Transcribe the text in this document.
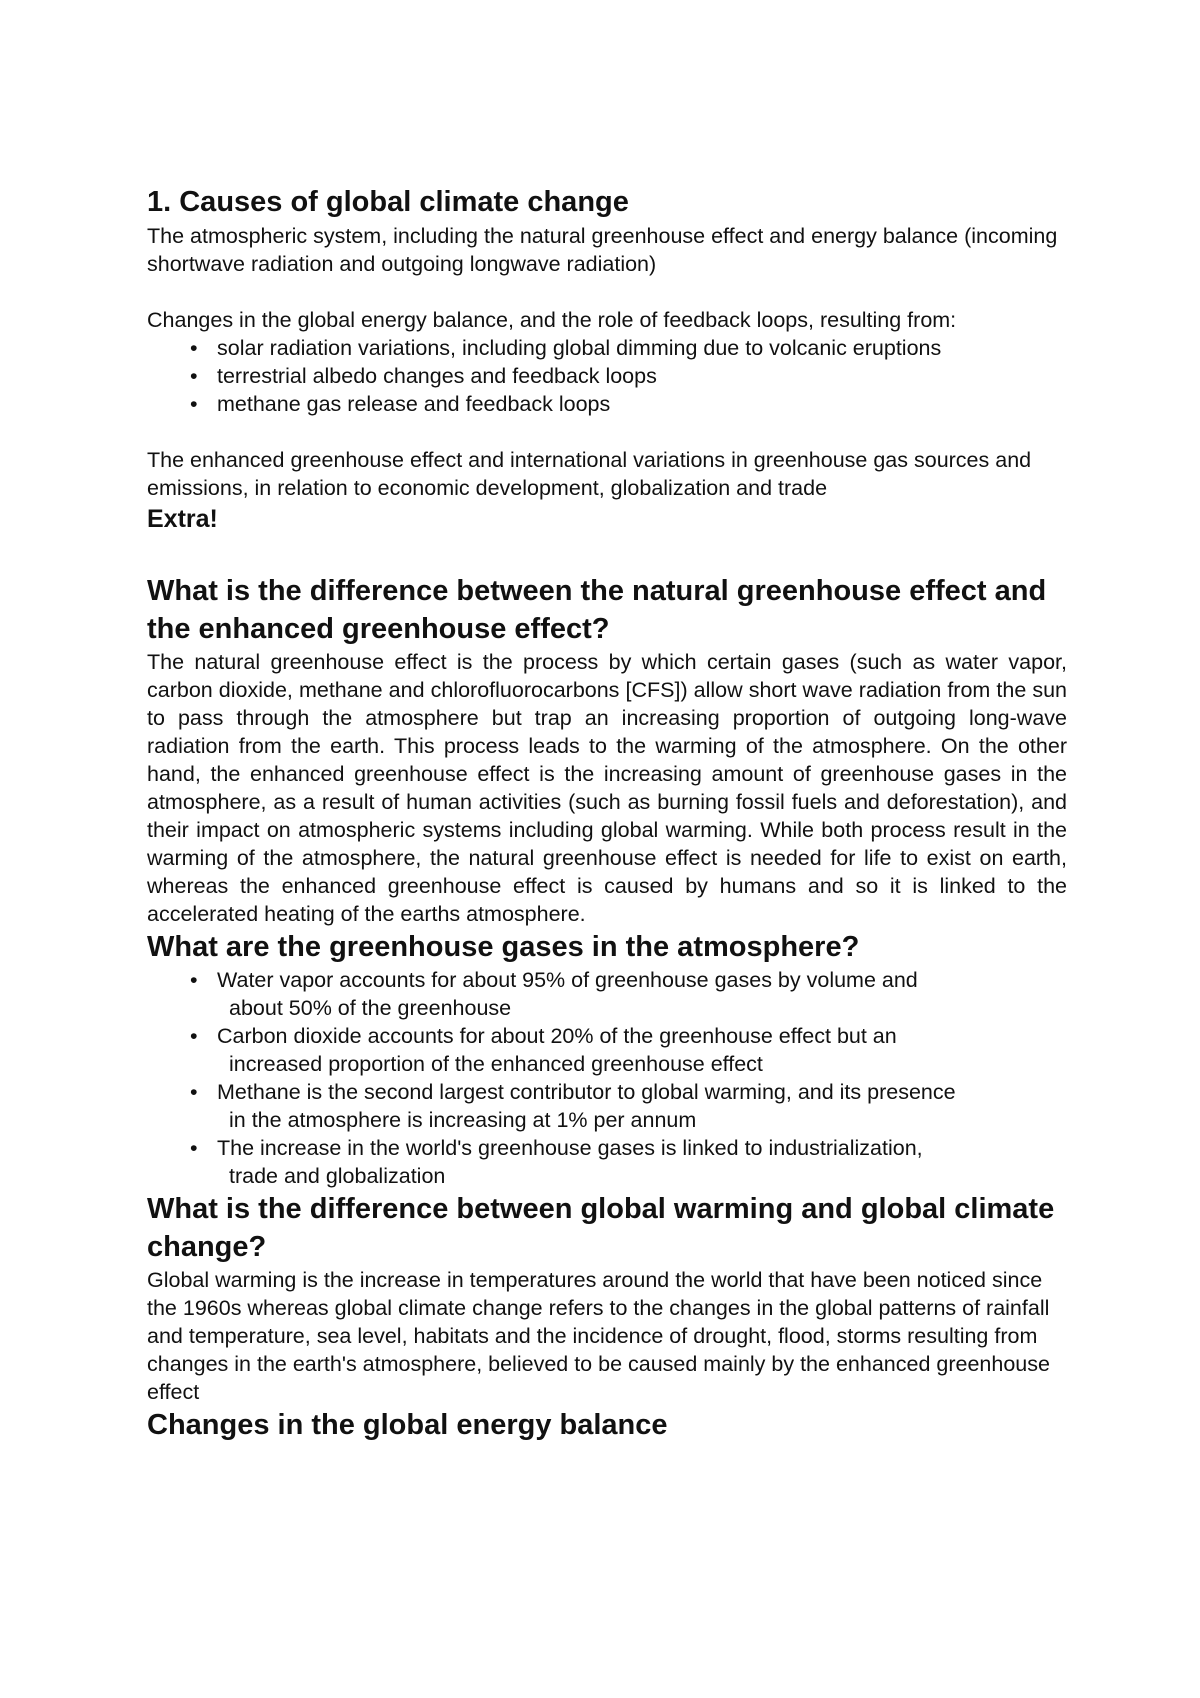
1. Causes of global climate change

The atmospheric system, including the natural greenhouse effect and energy balance (incoming shortwave radiation and outgoing longwave radiation)

Changes in the global energy balance, and the role of feedback loops, resulting from:

• solar radiation variations, including global dimming due to volcanic eruptions
• terrestrial albedo changes and feedback loops
• methane gas release and feedback loops

The enhanced greenhouse effect and international variations in greenhouse gas sources and emissions, in relation to economic development, globalization and trade

Extra!

What is the difference between the natural greenhouse effect and the enhanced greenhouse effect?

The natural greenhouse effect is the process by which certain gases (such as water vapor, carbon dioxide, methane and chlorofluorocarbons [CFS]) allow short wave radiation from the sun to pass through the atmosphere but trap an increasing proportion of outgoing long-wave radiation from the earth. This process leads to the warming of the atmosphere. On the other hand, the enhanced greenhouse effect is the increasing amount of greenhouse gases in the atmosphere, as a result of human activities (such as burning fossil fuels and deforestation), and their impact on atmospheric systems including global warming. While both process result in the warming of the atmosphere, the natural greenhouse effect is needed for life to exist on earth, whereas the enhanced greenhouse effect is caused by humans and so it is linked to the accelerated heating of the earths atmosphere.

What are the greenhouse gases in the atmosphere?
• Water vapor accounts for about 95% of greenhouse gases by volume and
about 50% of the greenhouse
• Carbon dioxide accounts for about 20% of the greenhouse effect but an
increased proportion of the enhanced greenhouse effect
• Methane is the second largest contributor to global warming, and its presence
in the atmosphere is increasing at 1% per annum
• The increase in the world's greenhouse gases is linked to industrialization,
trade and globalization
What is the difference between global warming and global climate change?

Global warming is the increase in temperatures around the world that have been noticed since the 1960s whereas global climate change refers to the changes in the global patterns of rainfall and temperature, sea level, habitats and the incidence of drought, flood, storms resulting from changes in the earth's atmosphere, believed to be caused mainly by the enhanced greenhouse effect

Changes in the global energy balance
